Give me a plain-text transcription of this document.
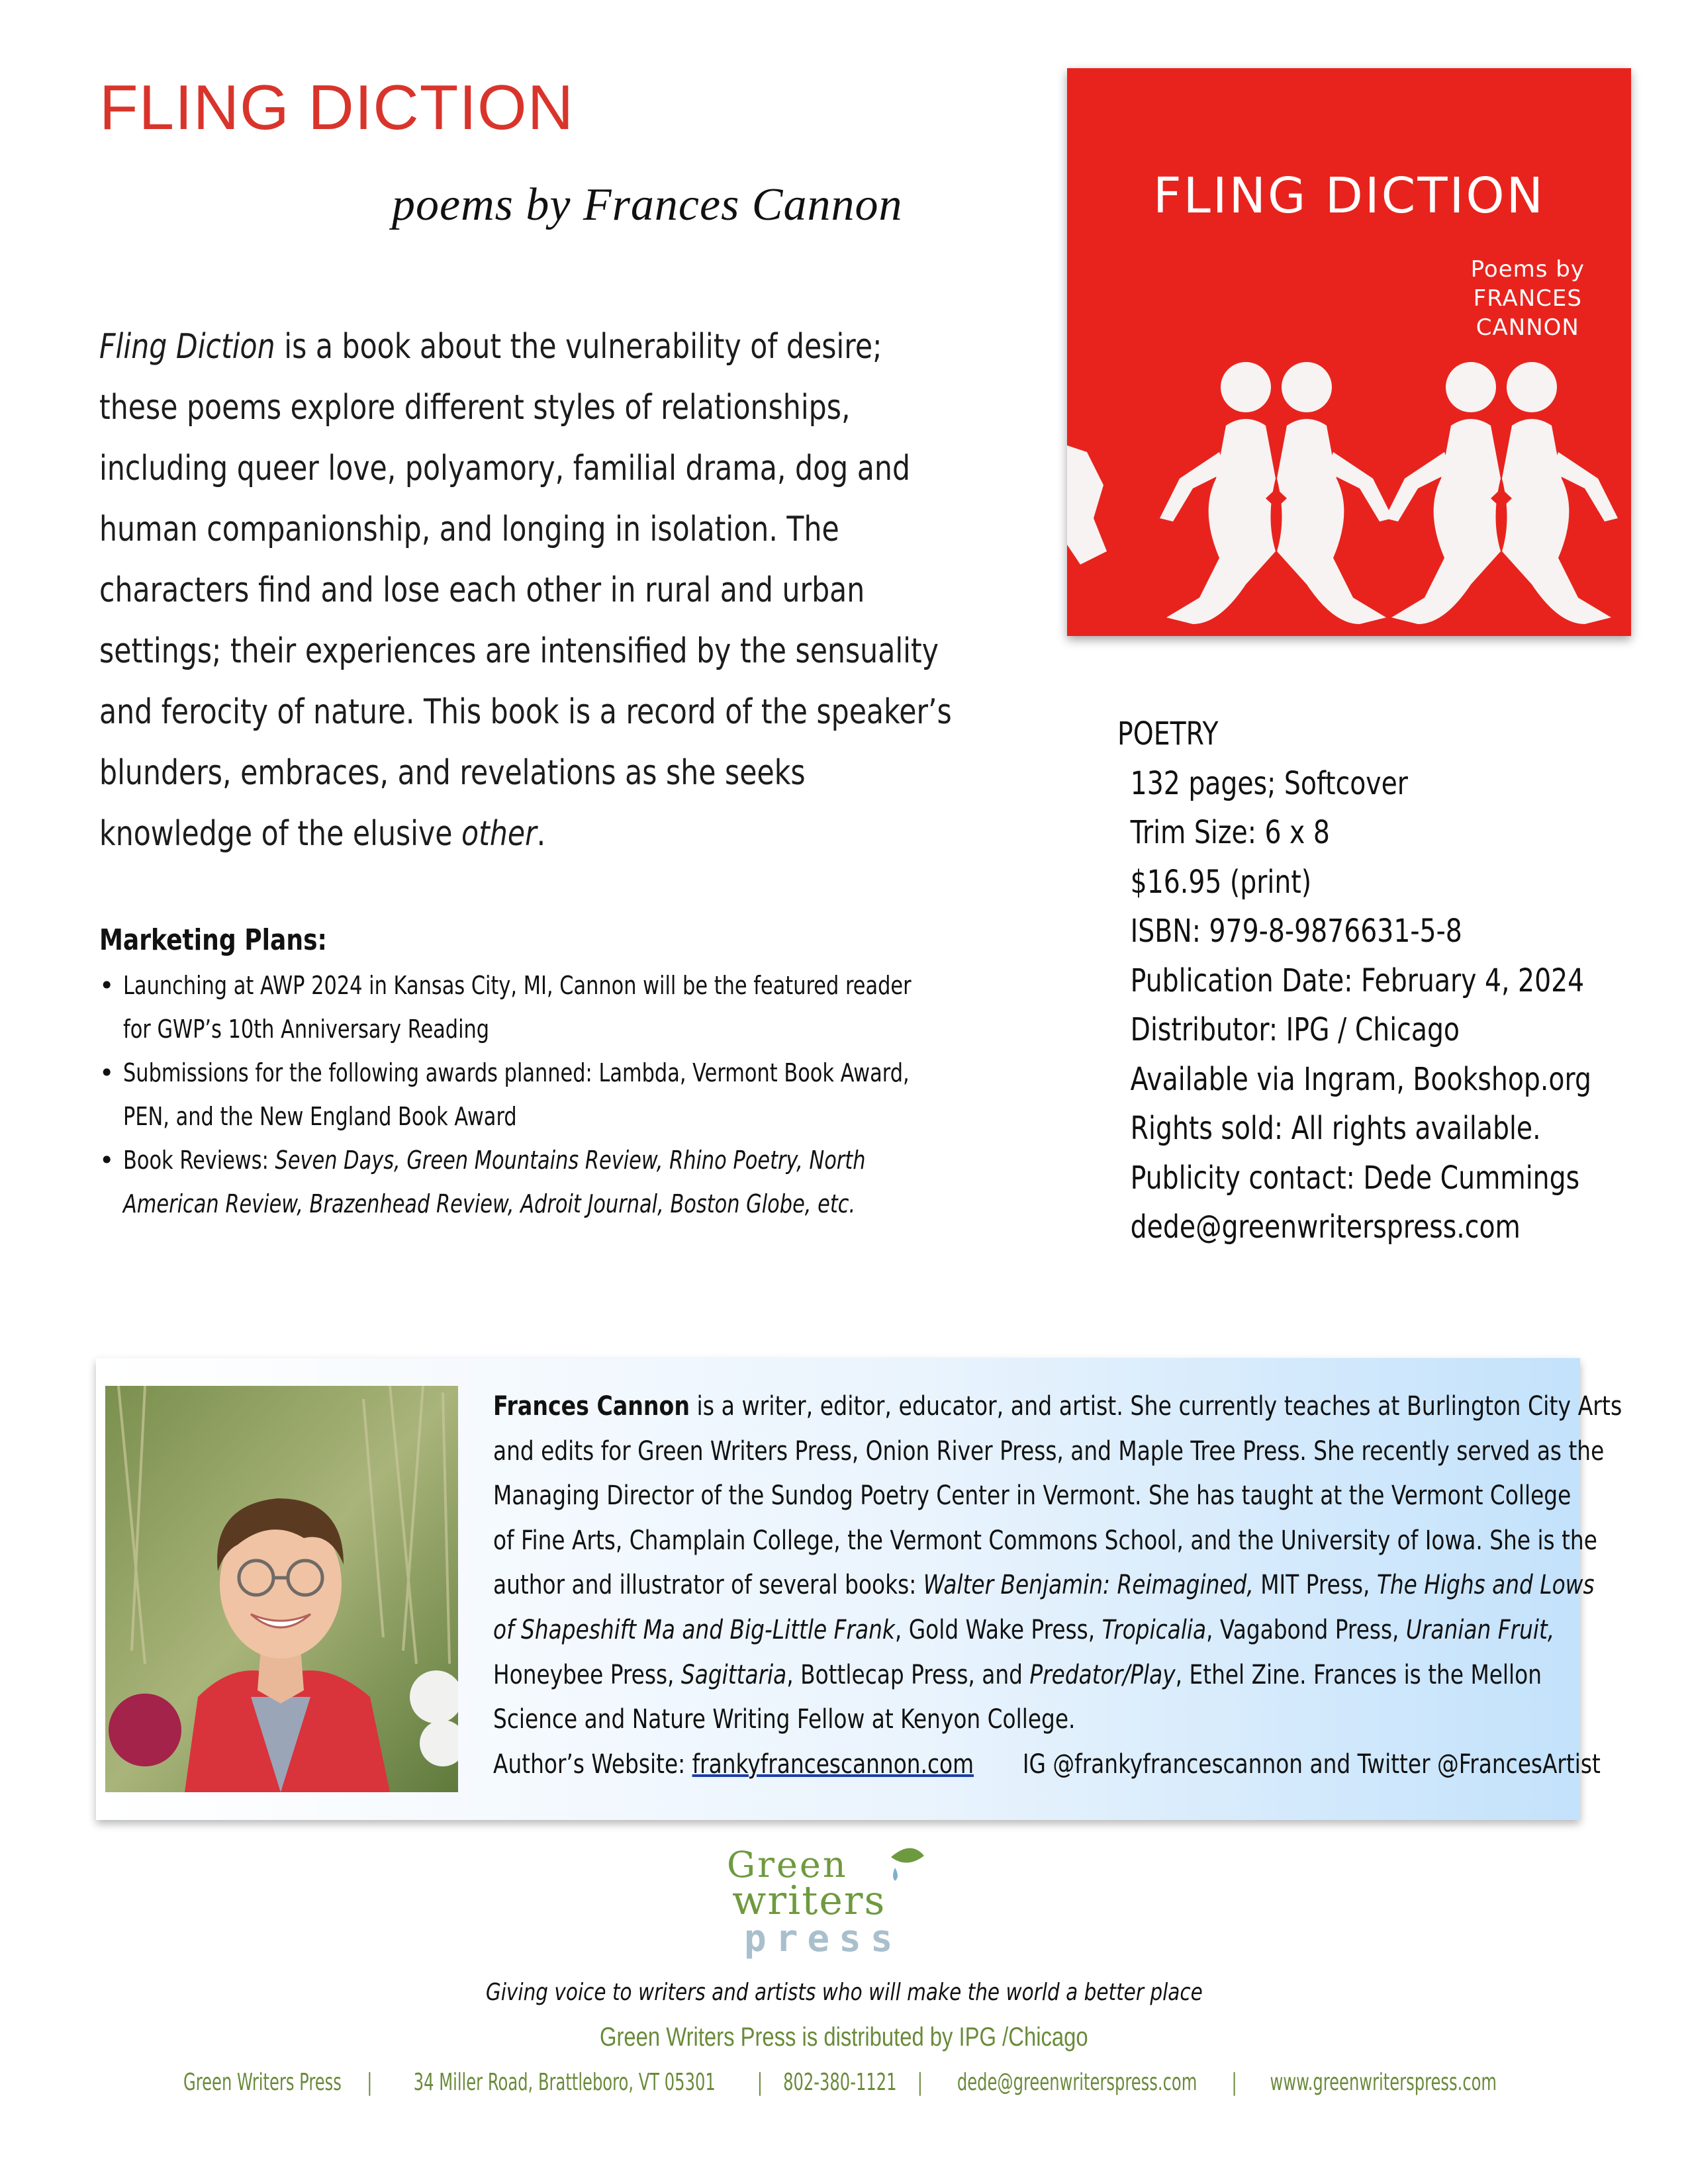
FLING DICTION
poems by Frances Cannon

Fling Diction is a book about the vulnerability of desire;

these poems explore different styles of relationships,

including queer love, polyamory, familial drama, dog and

human companionship, and longing in isolation. The

characters find and lose each other in rural and urban

settings; their experiences are intensified by the sensuality

and ferocity of nature. This book is a record of the speaker’s

blunders, embraces, and revelations as she seeks

knowledge of the elusive other.

Marketing Plans:
• Launching at AWP 2024 in Kansas City, MI, Cannon will be the featured reader
for GWP’s 10th Anniversary Reading
• Submissions for the following awards planned: Lambda, Vermont Book Award,
PEN, and the New England Book Award
• Book Reviews: Seven Days, Green Mountains Review, Rhino Poetry, North
American Review, Brazenhead Review, Adroit Journal, Boston Globe, etc.
FLING DICTION
Poems by
FRANCES
CANNON
POETRY
132 pages; Softcover
Trim Size: 6 x 8
$16.95 (print)
ISBN: 979-8-9876631-5-8
Publication Date: February 4, 2024
Distributor: IPG / Chicago
Available via Ingram, Bookshop.org
Rights sold: All rights available.
Publicity contact: Dede Cummings
dede@greenwriterspress.com
Frances Cannon is a writer, editor, educator, and artist. She currently teaches at Burlington City Arts
and edits for Green Writers Press, Onion River Press, and Maple Tree Press. She recently served as the
Managing Director of the Sundog Poetry Center in Vermont. She has taught at the Vermont College
of Fine Arts, Champlain College, the Vermont Commons School, and the University of Iowa. She is the
author and illustrator of several books: Walter Benjamin: Reimagined, MIT Press, The Highs and Lows
of Shapeshift Ma and Big-Little Frank, Gold Wake Press, Tropicalia, Vagabond Press, Uranian Fruit,
Honeybee Press, Sagittaria, Bottlecap Press, and Predator/Play, Ethel Zine. Frances is the Mellon
Science and Nature Writing Fellow at Kenyon College.
Author’s Website: frankyfrancescannon.com IG @frankyfrancescannon and Twitter @FrancesArtist
Green
writers
press
Giving voice to writers and artists who will make the world a better place
Green Writers Press is distributed by IPG /Chicago
Green Writers Press | 34 Miller Road, Brattleboro, VT 05301 | 802-380-1121 | dede@greenwriterspress.com | www.greenwriterspress.com
